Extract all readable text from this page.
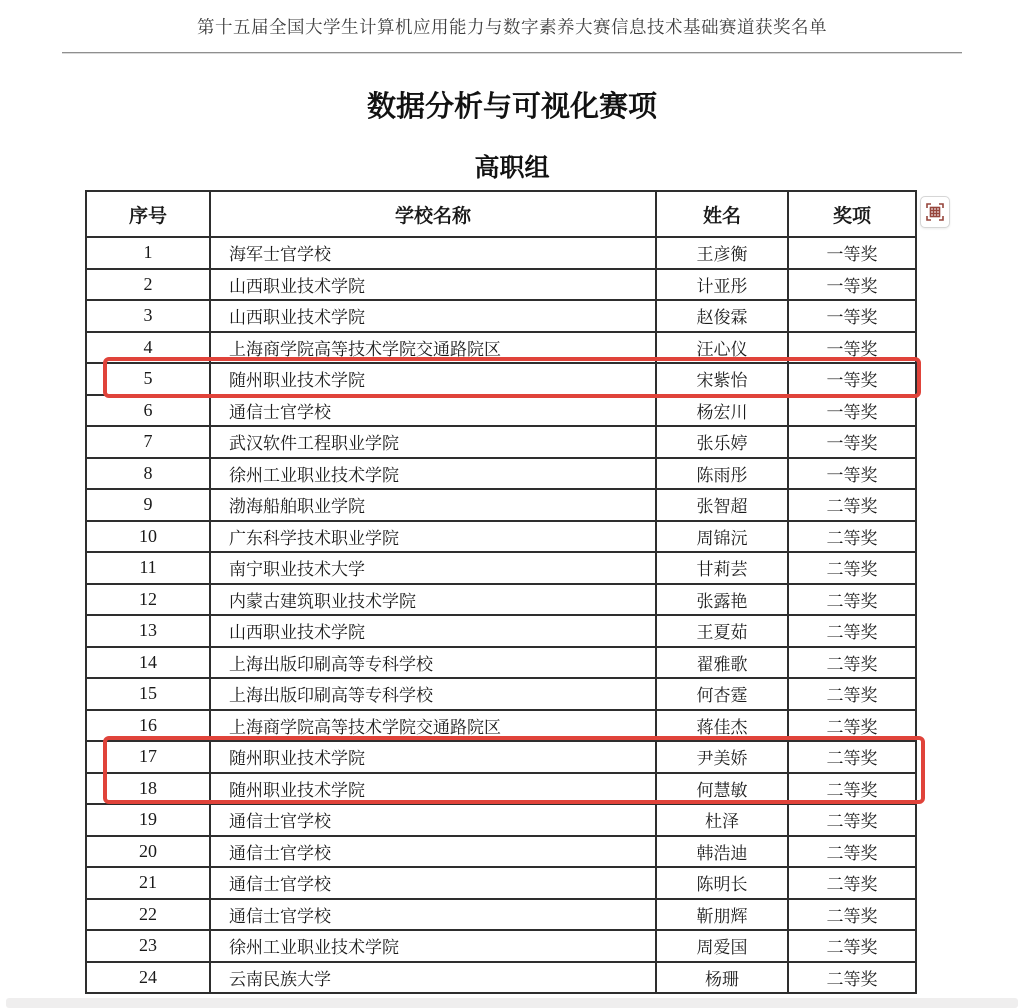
第十五届全国大学生计算机应用能力与数字素养大赛信息技术基础赛道获奖名单
数据分析与可视化赛项
高职组
序号	学校名称	姓名	奖项
1	海军士官学校	王彦衡	一等奖
2	山西职业技术学院	计亚彤	一等奖
3	山西职业技术学院	赵俊霖	一等奖
4	上海商学院高等技术学院交通路院区	汪心仪	一等奖
5	随州职业技术学院	宋紫怡	一等奖
6	通信士官学校	杨宏川	一等奖
7	武汉软件工程职业学院	张乐婷	一等奖
8	徐州工业职业技术学院	陈雨彤	一等奖
9	渤海船舶职业学院	张智超	二等奖
10	广东科学技术职业学院	周锦沅	二等奖
11	南宁职业技术大学	甘莉芸	二等奖
12	内蒙古建筑职业技术学院	张露艳	二等奖
13	山西职业技术学院	王夏茹	二等奖
14	上海出版印刷高等专科学校	翟雅歌	二等奖
15	上海出版印刷高等专科学校	何杏霆	二等奖
16	上海商学院高等技术学院交通路院区	蒋佳杰	二等奖
17	随州职业技术学院	尹美娇	二等奖
18	随州职业技术学院	何慧敏	二等奖
19	通信士官学校	杜泽	二等奖
20	通信士官学校	韩浩迪	二等奖
21	通信士官学校	陈明长	二等奖
22	通信士官学校	靳朋辉	二等奖
23	徐州工业职业技术学院	周爱国	二等奖
24	云南民族大学	杨珊	二等奖
